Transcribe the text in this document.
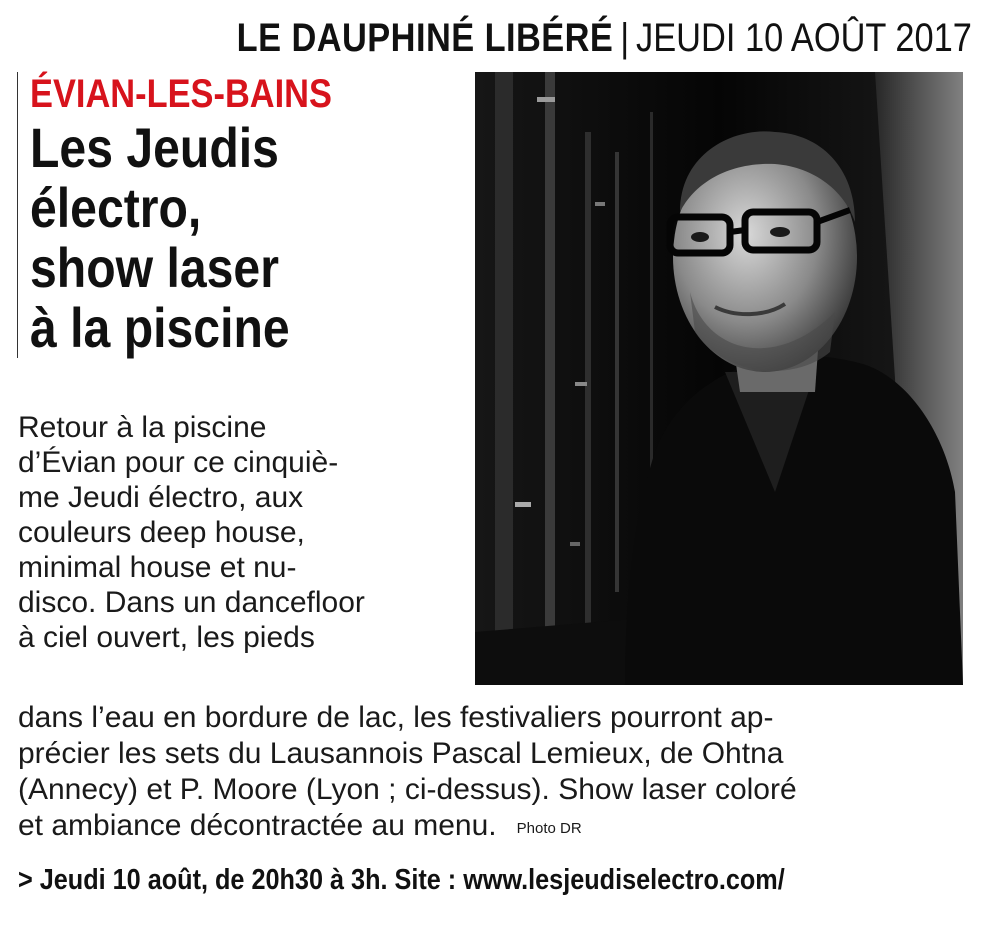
LE DAUPHINÉ LIBÉRÉ | JEUDI 10 AOÛT 2017
ÉVIAN-LES-BAINS
Les Jeudis
électro,
show laser
à la piscine
Retour à la piscine
d’Évian pour ce cinquiè-
me Jeudi électro, aux
couleurs deep house,
minimal house et nu-
disco. Dans un dancefloor
à ciel ouvert, les pieds
dans l’eau en bordure de lac, les festivaliers pourront ap-
précier les sets du Lausannois Pascal Lemieux, de Ohtna
(Annecy) et P. Moore (Lyon ; ci-dessus). Show laser coloré
et ambiance décontractée au menu. Photo DR
> Jeudi 10 août, de 20h30 à 3h. Site : www.lesjeudiselectro.com/
